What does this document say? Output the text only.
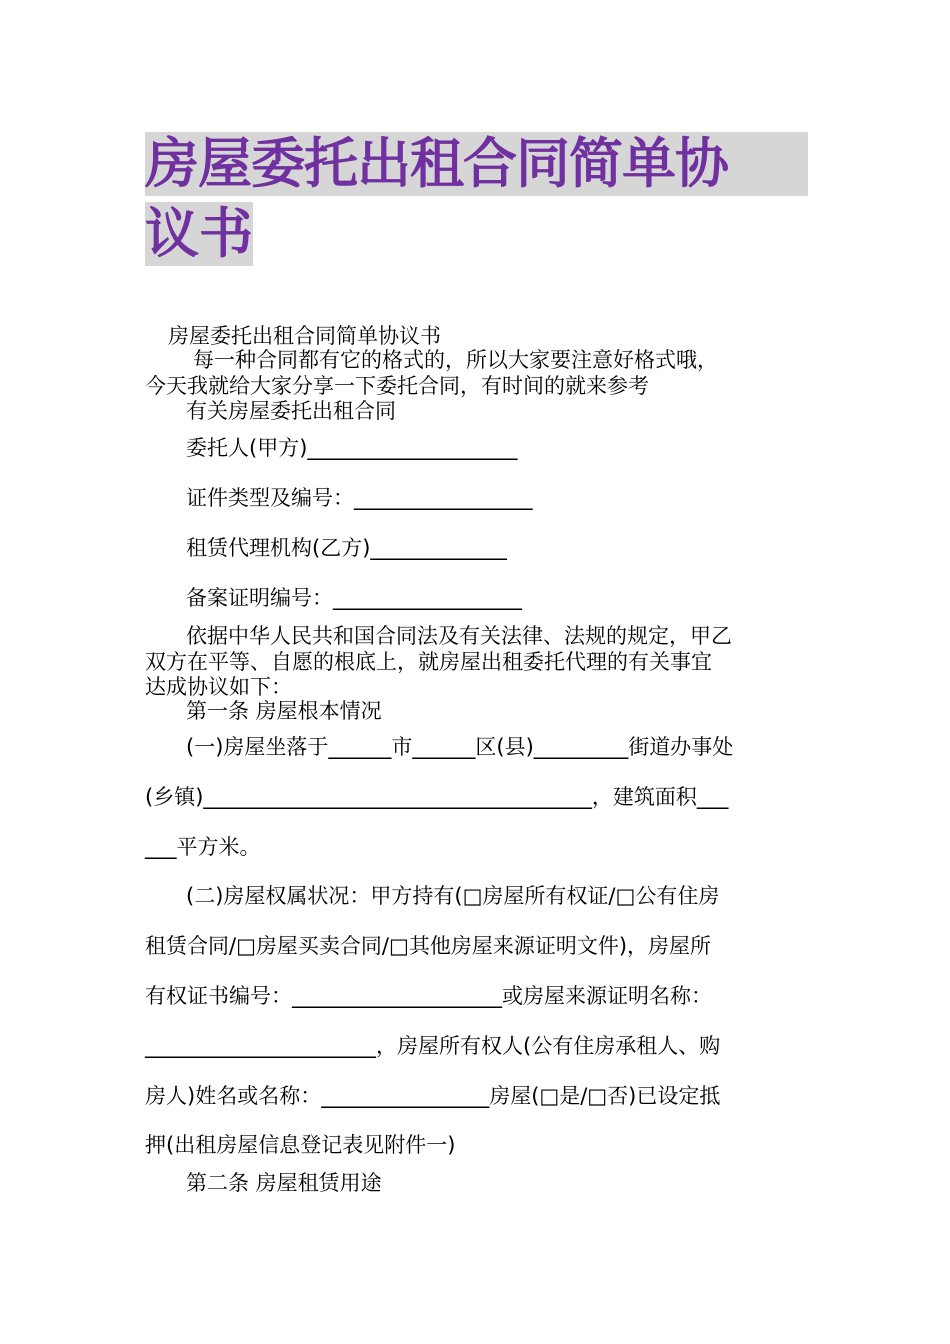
房屋委托出租合同简单协
议书
房屋委托出租合同简单协议书
每一种合同都有它的格式的，所以大家要注意好格式哦，
今天我就给大家分享一下委托合同，有时间的就来参考
有关房屋委托出租合同
委托人(甲方)____________________
证件类型及编号：_________________
租赁代理机构(乙方)_____________
备案证明编号：__________________
依据中华人民共和国合同法及有关法律、法规的规定，甲乙
双方在平等、自愿的根底上，就房屋出租委托代理的有关事宜
达成协议如下：
第一条 房屋根本情况
(一)房屋坐落于______市______区(县)_________街道办事处
(乡镇)_____________________________________，建筑面积___
___平方米。
(二)房屋权属状况：甲方持有(□房屋所有权证/□公有住房
租赁合同/□房屋买卖合同/□其他房屋来源证明文件)，房屋所
有权证书编号：____________________或房屋来源证明名称：
______________________，房屋所有权人(公有住房承租人、购
房人)姓名或名称：________________房屋(□是/□否)已设定抵
押(出租房屋信息登记表见附件一)
第二条 房屋租赁用途
